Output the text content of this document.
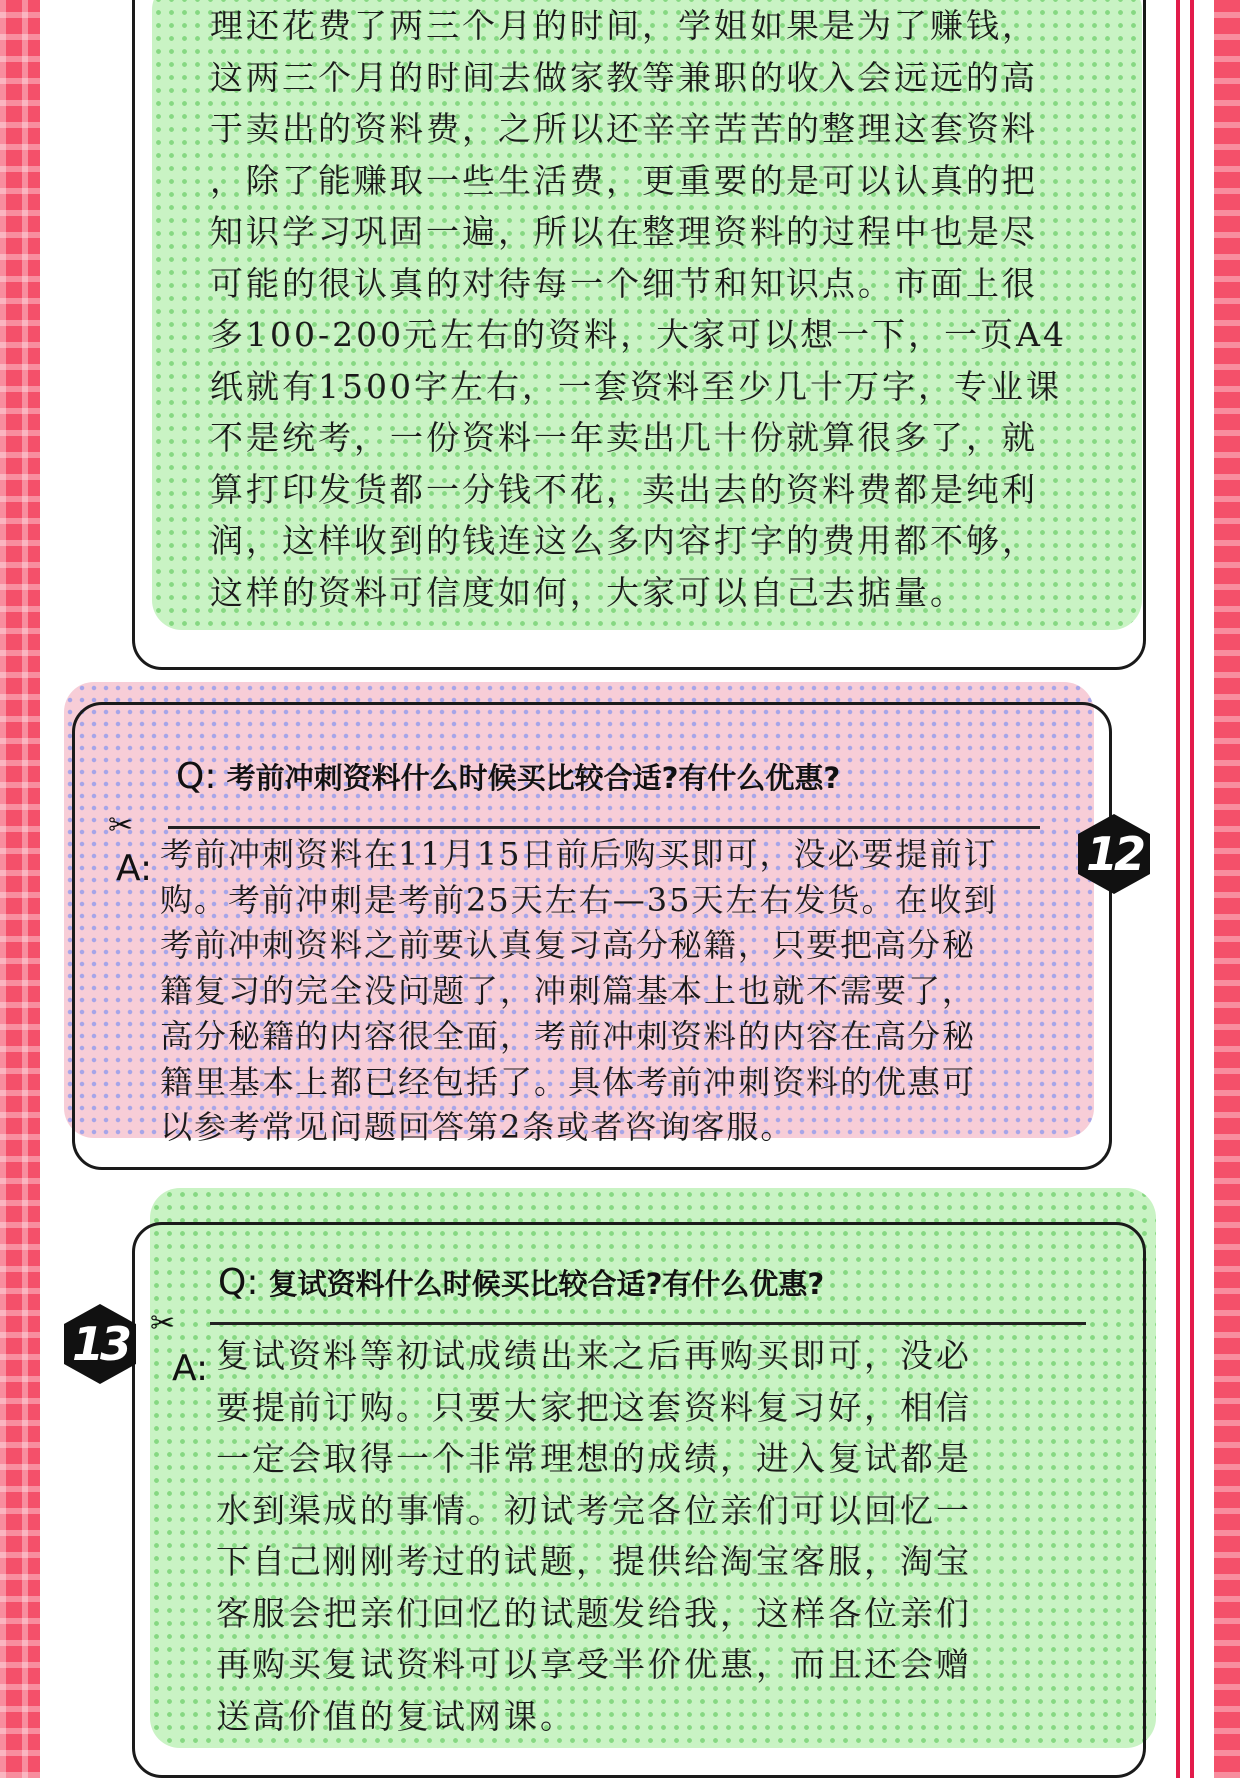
理还花费了两三个月的时间，学姐如果是为了赚钱，
这两三个月的时间去做家教等兼职的收入会远远的高
于卖出的资料费，之所以还辛辛苦苦的整理这套资料
，除了能赚取一些生活费，更重要的是可以认真的把
知识学习巩固一遍，所以在整理资料的过程中也是尽
可能的很认真的对待每一个细节和知识点。市面上很
多100-200元左右的资料，大家可以想一下，一页A4
纸就有1500字左右，一套资料至少几十万字，专业课
不是统考，一份资料一年卖出几十份就算很多了，就
算打印发货都一分钱不花，卖出去的资料费都是纯利
润，这样收到的钱连这么多内容打字的费用都不够，
这样的资料可信度如何，大家可以自己去掂量。
Q: 考前冲刺资料什么时候买比较合适?有什么优惠?
✂
A: 考前冲刺资料在11月15日前后购买即可，没必要提前订
购。考前冲刺是考前25天左右—35天左右发货。在收到
考前冲刺资料之前要认真复习高分秘籍，只要把高分秘
籍复习的完全没问题了，冲刺篇基本上也就不需要了，
高分秘籍的内容很全面，考前冲刺资料的内容在高分秘
籍里基本上都已经包括了。具体考前冲刺资料的优惠可
以参考常见问题回答第2条或者咨询客服。
12
Q: 复试资料什么时候买比较合适?有什么优惠?
✂
A: 复试资料等初试成绩出来之后再购买即可，没必
要提前订购。只要大家把这套资料复习好，相信
一定会取得一个非常理想的成绩，进入复试都是
水到渠成的事情。初试考完各位亲们可以回忆一
下自己刚刚考过的试题，提供给淘宝客服，淘宝
客服会把亲们回忆的试题发给我，这样各位亲们
再购买复试资料可以享受半价优惠，而且还会赠
送高价值的复试网课。
13
